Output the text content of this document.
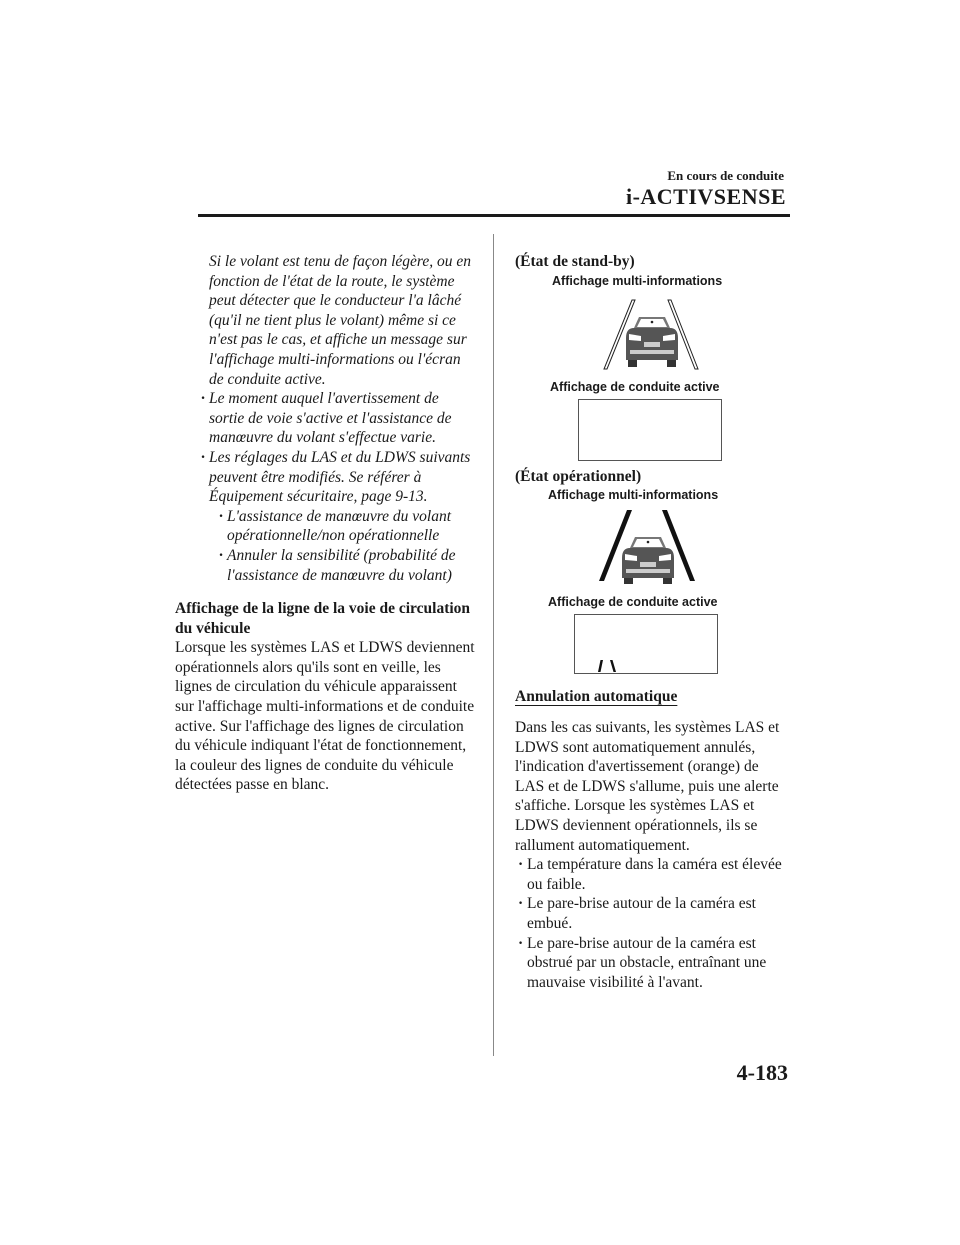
En cours de conduite
i-ACTIVSENSE

Si le volant est tenu de façon légère, ou en fonction de l'état de la route, le système peut détecter que le conducteur l'a lâché (qu'il ne tient plus le volant) même si ce n'est pas le cas, et affiche un message sur l'affichage multi-informations ou l'écran de conduite active.

· Le moment auquel l'avertissement de sortie de voie s'active et l'assistance de manœuvre du volant s'effectue varie.
· Les réglages du LAS et du LDWS suivants peuvent être modifiés. Se référer à Équipement sécuritaire, page 9-13.
· L'assistance de manœuvre du volant opérationnelle/non opérationnelle
· Annuler la sensibilité (probabilité de l'assistance de manœuvre du volant)
Affichage de la ligne de la voie de circulation du véhicule
Lorsque les systèmes LAS et LDWS deviennent opérationnels alors qu'ils sont en veille, les lignes de circulation du véhicule apparaissent sur l'affichage multi-informations et de conduite active. Sur l'affichage des lignes de circulation du véhicule indiquant l'état de fonctionnement, la couleur des lignes de conduite du véhicule détectées passe en blanc.
(État de stand-by)
Affichage multi-informations
Affichage de conduite active
(État opérationnel)
Affichage multi-informations
Affichage de conduite active
Annulation automatique
Dans les cas suivants, les systèmes LAS et LDWS sont automatiquement annulés, l'indication d'avertissement (orange) de LAS et de LDWS s'allume, puis une alerte s'affiche. Lorsque les systèmes LAS et LDWS deviennent opérationnels, ils se rallument automatiquement.
· La température dans la caméra est élevée ou faible.
· Le pare-brise autour de la caméra est embué.
· Le pare-brise autour de la caméra est obstrué par un obstacle, entraînant une mauvaise visibilité à l'avant.
4-183
